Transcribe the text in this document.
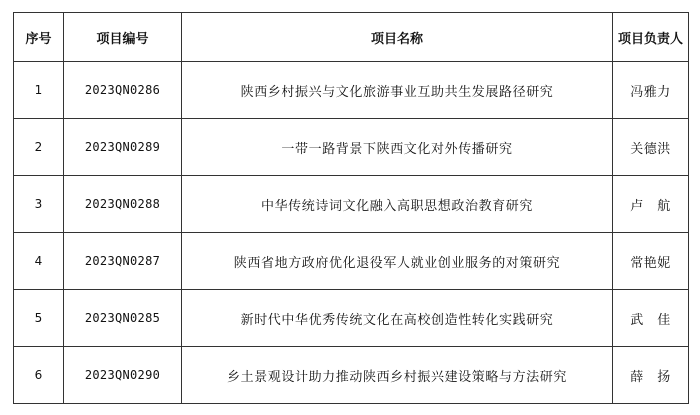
序号	项目编号	项目名称	项目负责人
1	2023QN0286	陕西乡村振兴与文化旅游事业互助共生发展路径研究	冯雅力
2	2023QN0289	一带一路背景下陕西文化对外传播研究	关德洪
3	2023QN0288	中华传统诗词文化融入高职思想政治教育研究	卢　航
4	2023QN0287	陕西省地方政府优化退役军人就业创业服务的对策研究	常艳妮
5	2023QN0285	新时代中华优秀传统文化在高校创造性转化实践研究	武　佳
6	2023QN0290	乡土景观设计助力推动陕西乡村振兴建设策略与方法研究	薛　扬
